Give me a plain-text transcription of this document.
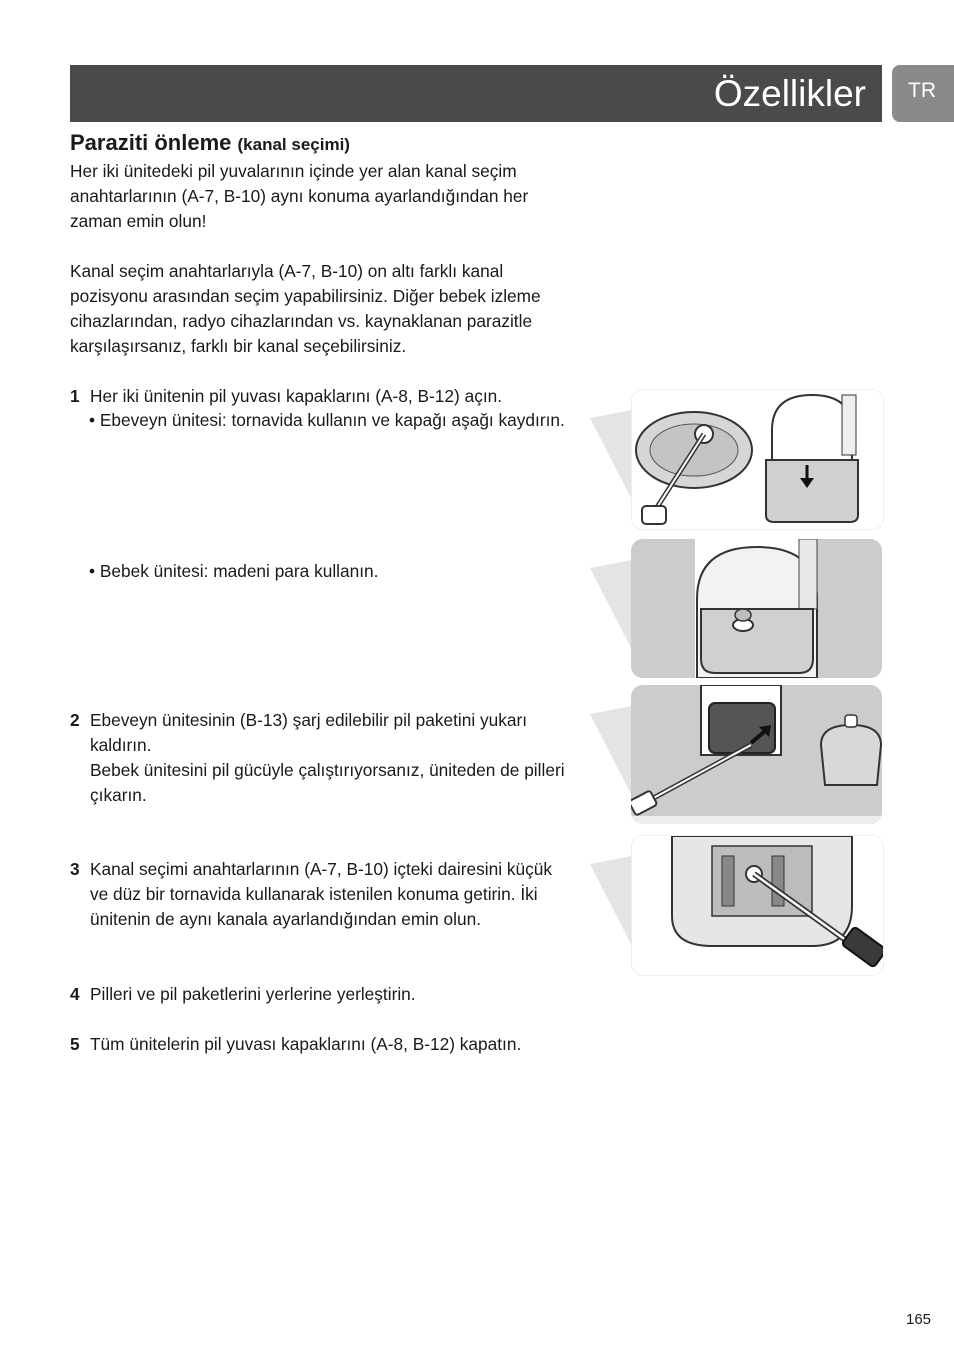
Özellikler TR
Paraziti önleme (kanal seçimi)
Her iki ünitedeki pil yuvalarının içinde yer alan kanal seçim
anahtarlarının (A-7, B-10) aynı konuma ayarlandığından her
zaman emin olun!
Kanal seçim anahtarlarıyla (A-7, B-10) on altı farklı kanal
pozisyonu arasından seçim yapabilirsiniz. Diğer bebek izleme
cihazlarından, radyo cihazlarından vs. kaynaklanan parazitle
karşılaşırsanız, farklı bir kanal seçebilirsiniz.
1 Her iki ünitenin pil yuvası kapaklarını (A-8, B-12) açın.
• Ebeveyn ünitesi: tornavida kullanın ve kapağı aşağı kaydırın.
• Bebek ünitesi: madeni para kullanın.
2 Ebeveyn ünitesinin (B-13) şarj edilebilir pil paketini yukarı
kaldırın.
Bebek ünitesini pil gücüyle çalıştırıyorsanız, üniteden de pilleri
çıkarın.
3 Kanal seçimi anahtarlarının (A-7, B-10) içteki dairesini küçük
ve düz bir tornavida kullanarak istenilen konuma getirin. İki
ünitenin de aynı kanala ayarlandığından emin olun.
4 Pilleri ve pil paketlerini yerlerine yerleştirin.
5 Tüm ünitelerin pil yuvası kapaklarını (A-8, B-12) kapatın.
165
